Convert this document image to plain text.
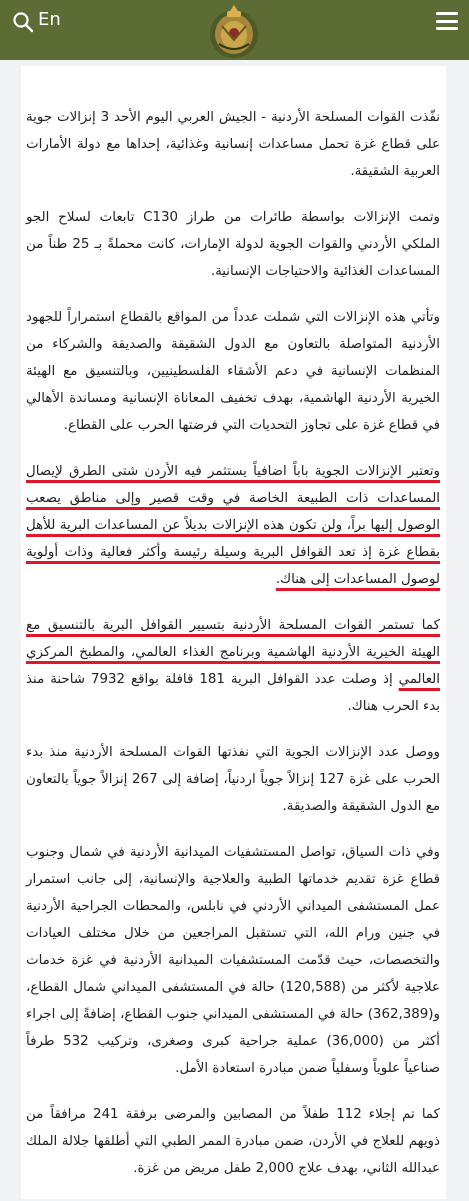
En

نفّذت القوات المسلحة الأردنية - الجيش العربي اليوم الأحد 3 إنزالات جوية على قطاع غزة تحمل مساعدات إنسانية وغذائية، إحداها مع دولة الأمارات العربية الشقيقة.

وتمت الإنزالات بواسطة طائرات من طراز C130 تابعات لسلاح الجو الملكي الأردني والقوات الجوية لدولة الإمارات، كانت محملةً بـ 25 طناً من المساعدات الغذائية والاحتياجات الإنسانية.

وتأتي هذه الإنزالات التي شملت عدداً من المواقع بالقطاع استمراراً للجهود الأردنية المتواصلة بالتعاون مع الدول الشقيقة والصديقة والشركاء من المنظمات الإنسانية في دعم الأشقاء الفلسطينيين، وبالتنسيق مع الهيئة الخيرية الأردنية الهاشمية، بهدف تخفيف المعاناة الإنسانية ومساندة الأهالي في قطاع غزة على تجاوز التحديات التي فرضتها الحرب على القطاع.

وتعتبر الإنزالات الجوية باباً اضافياً يستثمر فيه الأردن شتى الطرق لإيصال المساعدات ذات الطبيعة الخاصة في وقت قصير وإلى مناطق يصعب الوصول إليها براً، ولن تكون هذه الإنزالات بديلاً عن المساعدات البرية للأهل بقطاع غزة إذ تعد القوافل البرية وسيلة رئيسة وأكثر فعالية وذات أولوية لوصول المساعدات إلى هناك.

كما تستمر القوات المسلحة الأردنية بتسيير القوافل البرية بالتنسيق مع الهيئة الخيرية الأردنية الهاشمية وبرنامج الغذاء العالمي، والمطبخ المركزي العالمي إذ وصلت عدد القوافل البرية 181 قافلة بواقع 7932 شاحنة منذ بدء الحرب هناك.

ووصل عدد الإنزالات الجوية التي نفذتها القوات المسلحة الأردنية منذ بدء الحرب على غزة 127 إنزالاً جوياً اردنياً، إضافة إلى 267 إنزالاً جوياً بالتعاون مع الدول الشقيقة والصديقة.

وفي ذات السياق، تواصل المستشفيات الميدانية الأردنية في شمال وجنوب قطاع غزة تقديم خدماتها الطبية والعلاجية والإنسانية، إلى جانب استمرار عمل المستشفى الميداني الأردني في نابلس، والمحطات الجراحية الأردنية في جنين ورام الله، التي تستقبل المراجعين من خلال مختلف العيادات والتخصصات، حيث قدّمت المستشفيات الميدانية الأردنية في غزة خدمات علاجية لأكثر من (120,588) حالة في المستشفى الميداني شمال القطاع، و(362,389) حالة في المستشفى الميداني جنوب القطاع، إضافةً إلى اجراء أكثر من (36,000) عملية جراحية كبرى وصغرى، وتركيب 532 طرفاً صناعياً علوياً وسفلياً ضمن مبادرة استعادة الأمل.

كما تم إجلاء 112 طفلاً من المصابين والمرضى برفقة 241 مرافقاً من ذويهم للعلاج في الأردن، ضمن مبادرة الممر الطبي التي أطلقها جلالة الملك عبدالله الثاني، بهدف علاج 2,000 طفل مريض من غزة.
